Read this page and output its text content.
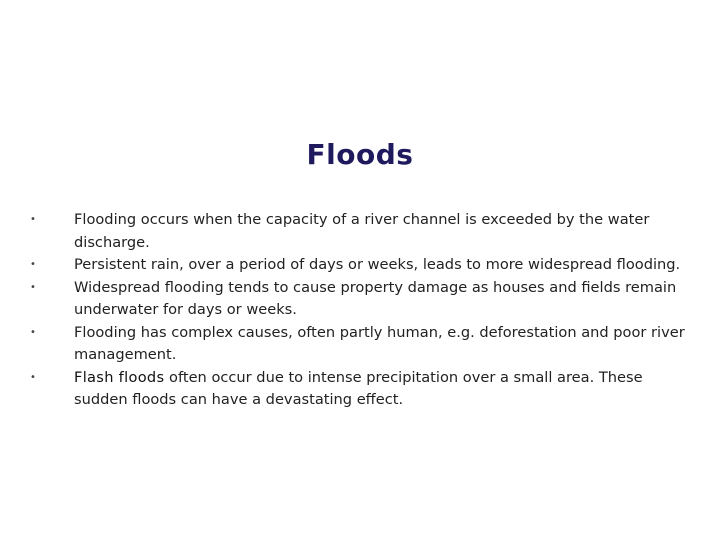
Floods
•	Flooding occurs when the capacity of a river channel is exceeded by the water discharge.
•	Persistent rain, over a period of days or weeks, leads to more widespread flooding.
•	Widespread flooding tends to cause property damage as houses and fields remain underwater for days or weeks.
•	Flooding has complex causes, often partly human, e.g. deforestation and poor river management.
•	Flash floods often occur due to intense precipitation over a small area. These sudden floods can have a devastating effect.
